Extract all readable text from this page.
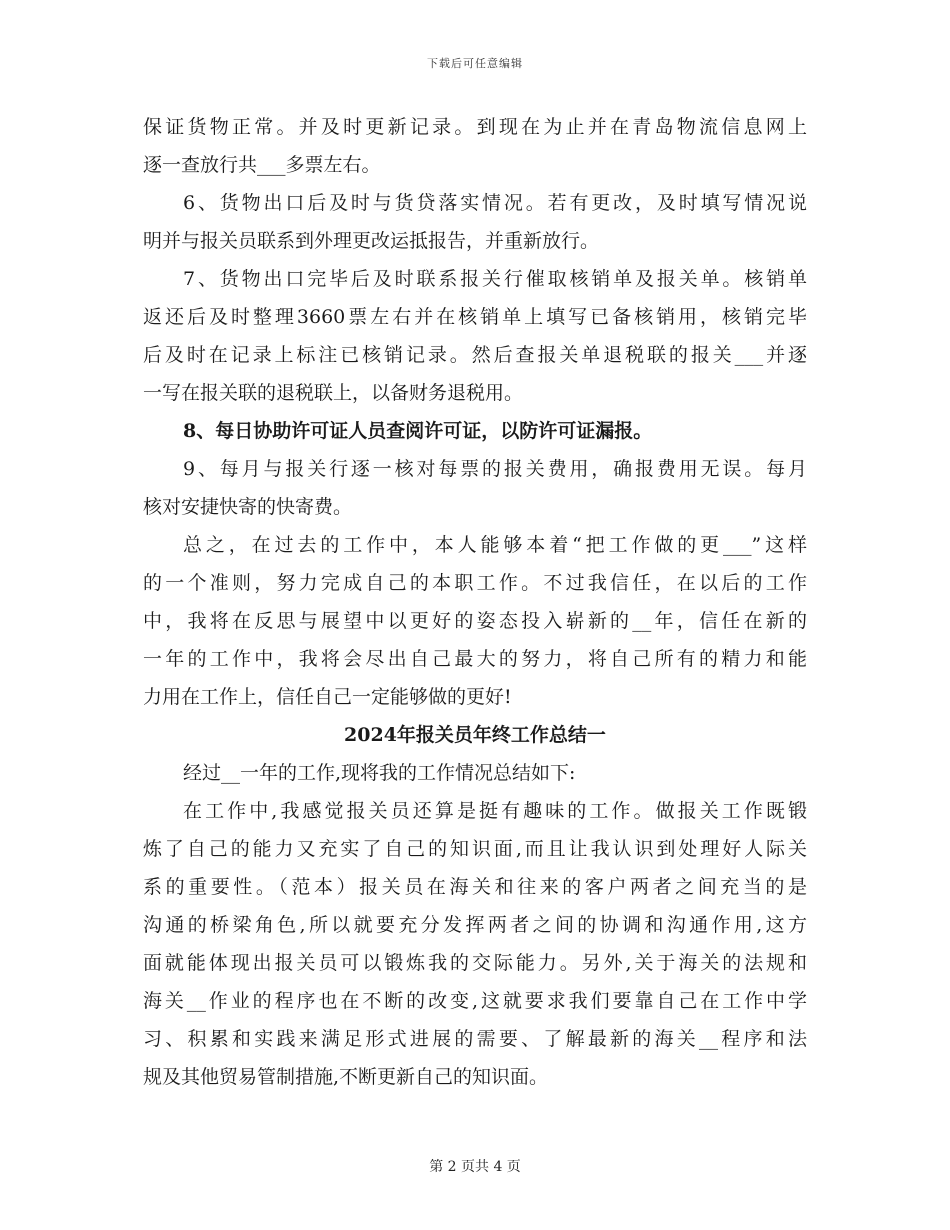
下载后可任意编辑
保证货物正常。并及时更新记录。到现在为止并在青岛物流信息网上
逐一查放行共___多票左右。
6、货物出口后及时与货贷落实情况。若有更改，及时填写情况说
明并与报关员联系到外理更改运抵报告，并重新放行。
7、货物出口完毕后及时联系报关行催取核销单及报关单。核销单
返还后及时整理3660票左右并在核销单上填写已备核销用，核销完毕
后及时在记录上标注已核销记录。然后查报关单退税联的报关___并逐
一写在报关联的退税联上，以备财务退税用。
8、每日协助许可证人员查阅许可证，以防许可证漏报。
9、每月与报关行逐一核对每票的报关费用，确报费用无误。每月
核对安捷快寄的快寄费。
总之，在过去的工作中，本人能够本着“把工作做的更___”这样
的一个准则，努力完成自己的本职工作。不过我信任，在以后的工作
中，我将在反思与展望中以更好的姿态投入崭新的__年，信任在新的
一年的工作中，我将会尽出自己最大的努力，将自己所有的精力和能
力用在工作上，信任自己一定能够做的更好!
2024年报关员年终工作总结一
经过__一年的工作,现将我的工作情况总结如下:
在工作中,我感觉报关员还算是挺有趣味的工作。做报关工作既锻
炼了自己的能力又充实了自己的知识面,而且让我认识到处理好人际关
系的重要性。（范本）报关员在海关和往来的客户两者之间充当的是
沟通的桥梁角色,所以就要充分发挥两者之间的协调和沟通作用,这方
面就能体现出报关员可以锻炼我的交际能力。另外,关于海关的法规和
海关__作业的程序也在不断的改变,这就要求我们要靠自己在工作中学
习、积累和实践来满足形式进展的需要、了解最新的海关__程序和法
规及其他贸易管制措施,不断更新自己的知识面。
第 2 页共 4 页
